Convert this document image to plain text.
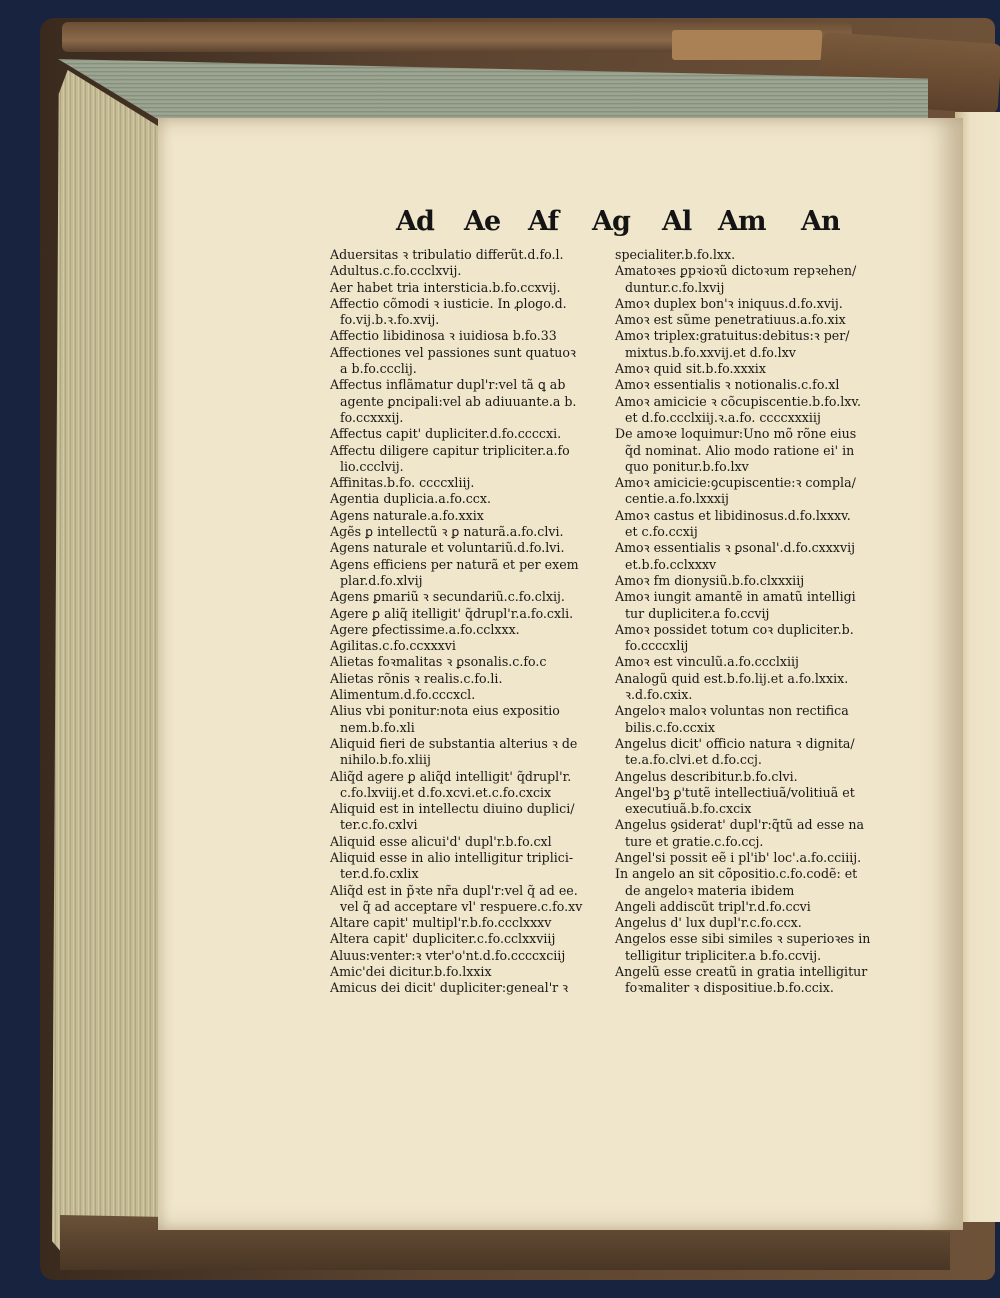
Ad Ae Af Ag Al Am An
Aduersitas ꝛ tribulatio differũt.d.fo.l.
Adultus.c.fo.ccclxvij.
Aer habet tria intersticia.b.fo.ccxvij.
Affectio cõmodi ꝛ iusticie. In ꝓlogo.d.
fo.vij.b.ꝛ.fo.xvij.
Affectio libidinosa ꝛ iuidiosa b.fo.33
Affectiones vel passiones sunt quatuoꝛ
a b.fo.ccclij.
Affectus inflãmatur dupl'r:vel tã ꝗ ab
agente ꝑncipali:vel ab adiuuante.a b.
fo.ccxxxij.
Affectus capit' dupliciter.d.fo.ccccxi.
Affectu diligere capitur tripliciter.a.fo
lio.ccclvij.
Affinitas.b.fo. ccccxliij.
Agentia duplicia.a.fo.ccx.
Agens naturale.a.fo.xxix
Agẽs ꝑ intellectũ ꝛ ꝑ naturã.a.fo.clvi.
Agens naturale et voluntariũ.d.fo.lvi.
Agens efficiens per naturã et per exem
plar.d.fo.xlvij
Agens ꝑmariũ ꝛ secundariũ.c.fo.clxij.
Agere ꝑ aliq̃ itelligit' q̃drupl'r.a.fo.cxli.
Agere ꝑfectissime.a.fo.cclxxx.
Agilitas.c.fo.ccxxxvi
Alietas foꝛmalitas ꝛ ꝑsonalis.c.fo.c
Alietas rõnis ꝛ realis.c.fo.li.
Alimentum.d.fo.cccxcl.
Alius vbi ponitur:nota eius expositio
nem.b.fo.xli
Aliquid fieri de substantia alterius ꝛ de
nihilo.b.fo.xliij
Aliq̃d agere ꝑ aliq̃d intelligit' q̃drupl'r.
c.fo.lxviij.et d.fo.xcvi.et.c.fo.cxcix
Aliquid est in intellectu diuino duplici/
ter.c.fo.cxlvi
Aliquid esse alicui'd' dupl'r.b.fo.cxl
Aliquid esse in alio intelligitur triplici-
ter.d.fo.cxlix
Aliq̃d est in p̃ꝛte nr̃a dupl'r:vel q̃ ad ee.
vel q̃ ad acceptare vl' respuere.c.fo.xv
Altare capit' multipl'r.b.fo.ccclxxxv
Altera capit' dupliciter.c.fo.cclxxviij
Aluus:venter:ꝛ vter'o'nt.d.fo.ccccxciij
Amic'dei dicitur.b.fo.lxxix
Amicus dei dicit' dupliciter:geneal'r ꝛ
specialiter.b.fo.lxx.
Amatoꝛes ꝑpꝛioꝛũ dictoꝛum repꝛehen/
duntur.c.fo.lxvij
Amoꝛ duplex bon'ꝛ iniquus.d.fo.xvij.
Amoꝛ est sũme penetratiuus.a.fo.xix
Amoꝛ triplex:gratuitus:debitus:ꝛ per/
mixtus.b.fo.xxvij.et d.fo.lxv
Amoꝛ quid sit.b.fo.xxxix
Amoꝛ essentialis ꝛ notionalis.c.fo.xl
Amoꝛ amicicie ꝛ cõcupiscentie.b.fo.lxv.
et d.fo.ccclxiij.ꝛ.a.fo. ccccxxxiij
De amoꝛe loquimur:Uno mõ rõne eius
q̃d nominat. Alio modo ratione ei' in
quo ponitur.b.fo.lxv
Amoꝛ amicicie:ꝯcupiscentie:ꝛ compla/
centie.a.fo.lxxxij
Amoꝛ castus et libidinosus.d.fo.lxxxv.
et c.fo.ccxij
Amoꝛ essentialis ꝛ ꝑsonal'.d.fo.cxxxvij
et.b.fo.cclxxxv
Amoꝛ fm dionysiũ.b.fo.clxxxiij
Amoꝛ iungit amantẽ in amatũ intelligi
tur dupliciter.a fo.ccvij
Amoꝛ possidet totum coꝛ dupliciter.b.
fo.ccccxlij
Amoꝛ est vinculũ.a.fo.ccclxiij
Analogũ quid est.b.fo.lij.et a.fo.lxxix.
ꝛ.d.fo.cxix.
Angeloꝛ maloꝛ voluntas non rectifica
bilis.c.fo.ccxix
Angelus dicit' officio natura ꝛ dignita/
te.a.fo.clvi.et d.fo.ccj.
Angelus describitur.b.fo.clvi.
Angel'bꝫ ꝑ'tutẽ intellectiuã/volitiuã et
executiuã.b.fo.cxcix
Angelus ꝯsiderat' dupl'r:q̃tũ ad esse na
ture et gratie.c.fo.ccj.
Angel'si possit eẽ i pl'ib' loc'.a.fo.cciiij.
In angelo an sit cõpositio.c.fo.codẽ: et
de angeloꝛ materia ibidem
Angeli addiscũt tripl'r.d.fo.ccvi
Angelus d' lux dupl'r.c.fo.ccx.
Angelos esse sibi similes ꝛ superioꝛes in
telligitur tripliciter.a b.fo.ccvij.
Angelũ esse creatũ in gratia intelligitur
foꝛmaliter ꝛ dispositiue.b.fo.ccix.
